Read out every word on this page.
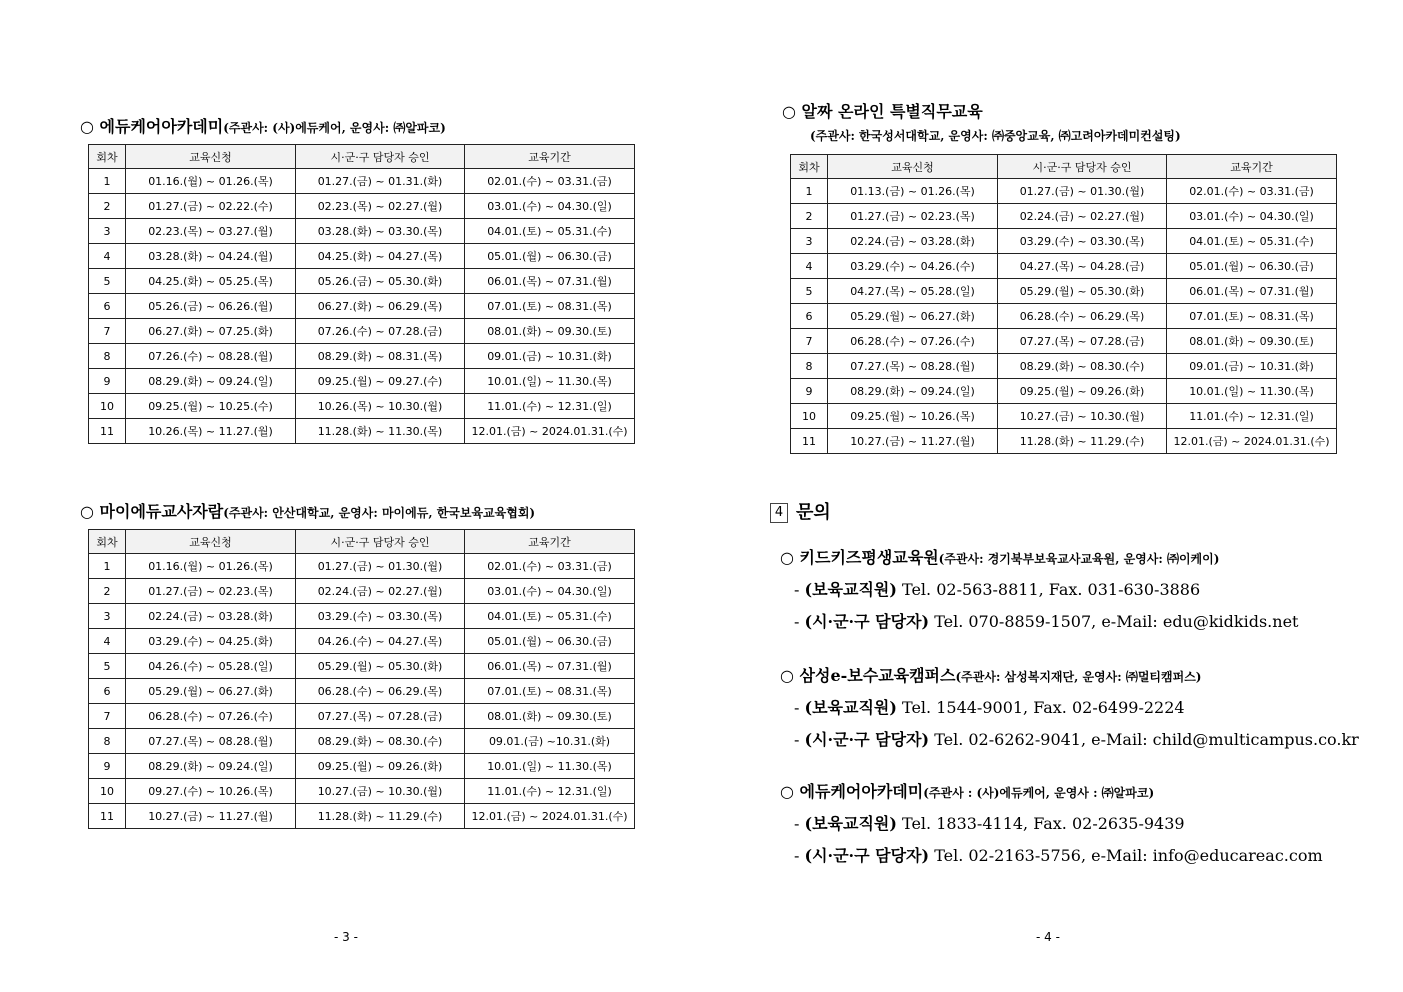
○ 에듀케어아카데미(주관사: (사)에듀케어, 운영사: ㈜알파코)
회차	교육신청	시·군·구 담당자 승인	교육기간
1	01.16.(월) ~ 01.26.(목)	01.27.(금) ~ 01.31.(화)	02.01.(수) ~ 03.31.(금)
2	01.27.(금) ~ 02.22.(수)	02.23.(목) ~ 02.27.(월)	03.01.(수) ~ 04.30.(일)
3	02.23.(목) ~ 03.27.(월)	03.28.(화) ~ 03.30.(목)	04.01.(토) ~ 05.31.(수)
4	03.28.(화) ~ 04.24.(월)	04.25.(화) ~ 04.27.(목)	05.01.(월) ~ 06.30.(금)
5	04.25.(화) ~ 05.25.(목)	05.26.(금) ~ 05.30.(화)	06.01.(목) ~ 07.31.(월)
6	05.26.(금) ~ 06.26.(월)	06.27.(화) ~ 06.29.(목)	07.01.(토) ~ 08.31.(목)
7	06.27.(화) ~ 07.25.(화)	07.26.(수) ~ 07.28.(금)	08.01.(화) ~ 09.30.(토)
8	07.26.(수) ~ 08.28.(월)	08.29.(화) ~ 08.31.(목)	09.01.(금) ~ 10.31.(화)
9	08.29.(화) ~ 09.24.(일)	09.25.(월) ~ 09.27.(수)	10.01.(일) ~ 11.30.(목)
10	09.25.(월) ~ 10.25.(수)	10.26.(목) ~ 10.30.(월)	11.01.(수) ~ 12.31.(일)
11	10.26.(목) ~ 11.27.(월)	11.28.(화) ~ 11.30.(목)	12.01.(금) ~ 2024.01.31.(수)
○ 마이에듀교사자람(주관사: 안산대학교, 운영사: 마이에듀, 한국보육교육협회)
회차	교육신청	시·군·구 담당자 승인	교육기간
1	01.16.(월) ~ 01.26.(목)	01.27.(금) ~ 01.30.(월)	02.01.(수) ~ 03.31.(금)
2	01.27.(금) ~ 02.23.(목)	02.24.(금) ~ 02.27.(월)	03.01.(수) ~ 04.30.(일)
3	02.24.(금) ~ 03.28.(화)	03.29.(수) ~ 03.30.(목)	04.01.(토) ~ 05.31.(수)
4	03.29.(수) ~ 04.25.(화)	04.26.(수) ~ 04.27.(목)	05.01.(월) ~ 06.30.(금)
5	04.26.(수) ~ 05.28.(일)	05.29.(월) ~ 05.30.(화)	06.01.(목) ~ 07.31.(월)
6	05.29.(월) ~ 06.27.(화)	06.28.(수) ~ 06.29.(목)	07.01.(토) ~ 08.31.(목)
7	06.28.(수) ~ 07.26.(수)	07.27.(목) ~ 07.28.(금)	08.01.(화) ~ 09.30.(토)
8	07.27.(목) ~ 08.28.(월)	08.29.(화) ~ 08.30.(수)	09.01.(금) ~10.31.(화)
9	08.29.(화) ~ 09.24.(일)	09.25.(월) ~ 09.26.(화)	10.01.(일) ~ 11.30.(목)
10	09.27.(수) ~ 10.26.(목)	10.27.(금) ~ 10.30.(월)	11.01.(수) ~ 12.31.(일)
11	10.27.(금) ~ 11.27.(월)	11.28.(화) ~ 11.29.(수)	12.01.(금) ~ 2024.01.31.(수)
○ 알짜 온라인 특별직무교육
(주관사: 한국성서대학교, 운영사: ㈜중앙교육, ㈜고려아카데미컨설팅)
회차	교육신청	시·군·구 담당자 승인	교육기간
1	01.13.(금) ~ 01.26.(목)	01.27.(금) ~ 01.30.(월)	02.01.(수) ~ 03.31.(금)
2	01.27.(금) ~ 02.23.(목)	02.24.(금) ~ 02.27.(월)	03.01.(수) ~ 04.30.(일)
3	02.24.(금) ~ 03.28.(화)	03.29.(수) ~ 03.30.(목)	04.01.(토) ~ 05.31.(수)
4	03.29.(수) ~ 04.26.(수)	04.27.(목) ~ 04.28.(금)	05.01.(월) ~ 06.30.(금)
5	04.27.(목) ~ 05.28.(일)	05.29.(월) ~ 05.30.(화)	06.01.(목) ~ 07.31.(월)
6	05.29.(월) ~ 06.27.(화)	06.28.(수) ~ 06.29.(목)	07.01.(토) ~ 08.31.(목)
7	06.28.(수) ~ 07.26.(수)	07.27.(목) ~ 07.28.(금)	08.01.(화) ~ 09.30.(토)
8	07.27.(목) ~ 08.28.(월)	08.29.(화) ~ 08.30.(수)	09.01.(금) ~ 10.31.(화)
9	08.29.(화) ~ 09.24.(일)	09.25.(월) ~ 09.26.(화)	10.01.(일) ~ 11.30.(목)
10	09.25.(월) ~ 10.26.(목)	10.27.(금) ~ 10.30.(월)	11.01.(수) ~ 12.31.(일)
11	10.27.(금) ~ 11.27.(월)	11.28.(화) ~ 11.29.(수)	12.01.(금) ~ 2024.01.31.(수)
4 문의
○ 키드키즈평생교육원(주관사: 경기북부보육교사교육원, 운영사: ㈜이케이)
- (보육교직원) Tel. 02-563-8811, Fax. 031-630-3886
- (시·군·구 담당자) Tel. 070-8859-1507, e-Mail: edu@kidkids.net
○ 삼성e-보수교육캠퍼스(주관사: 삼성복지재단, 운영사: ㈜멀티캠퍼스)
- (보육교직원) Tel. 1544-9001, Fax. 02-6499-2224
- (시·군·구 담당자) Tel. 02-6262-9041, e-Mail: child@multicampus.co.kr
○ 에듀케어아카데미(주관사 : (사)에듀케어, 운영사 : ㈜알파코)
- (보육교직원) Tel. 1833-4114, Fax. 02-2635-9439
- (시·군·구 담당자) Tel. 02-2163-5756, e-Mail: info@educareac.com
- 3 -	- 4 -
